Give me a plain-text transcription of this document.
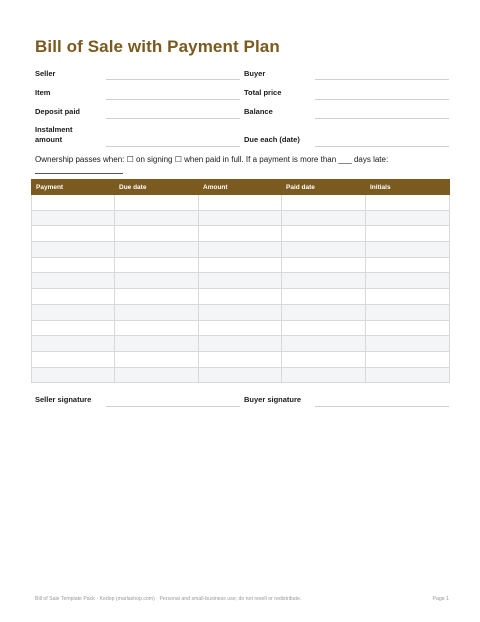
Bill of Sale with Payment Plan
Seller	Buyer
Item	Total price
Deposit paid	Balance
Instalment amount	Due each (date)
Ownership passes when: ☐ on signing ☐ when paid in full. If a payment is more than ___ days late:
Payment	Due date	Amount	Paid date	Initials

Seller signature	Buyer signature
Bill of Sale Template Pack · Kedop (marlashop.com) · Personal and small-business use; do not resell or redistribute.	Page 1
